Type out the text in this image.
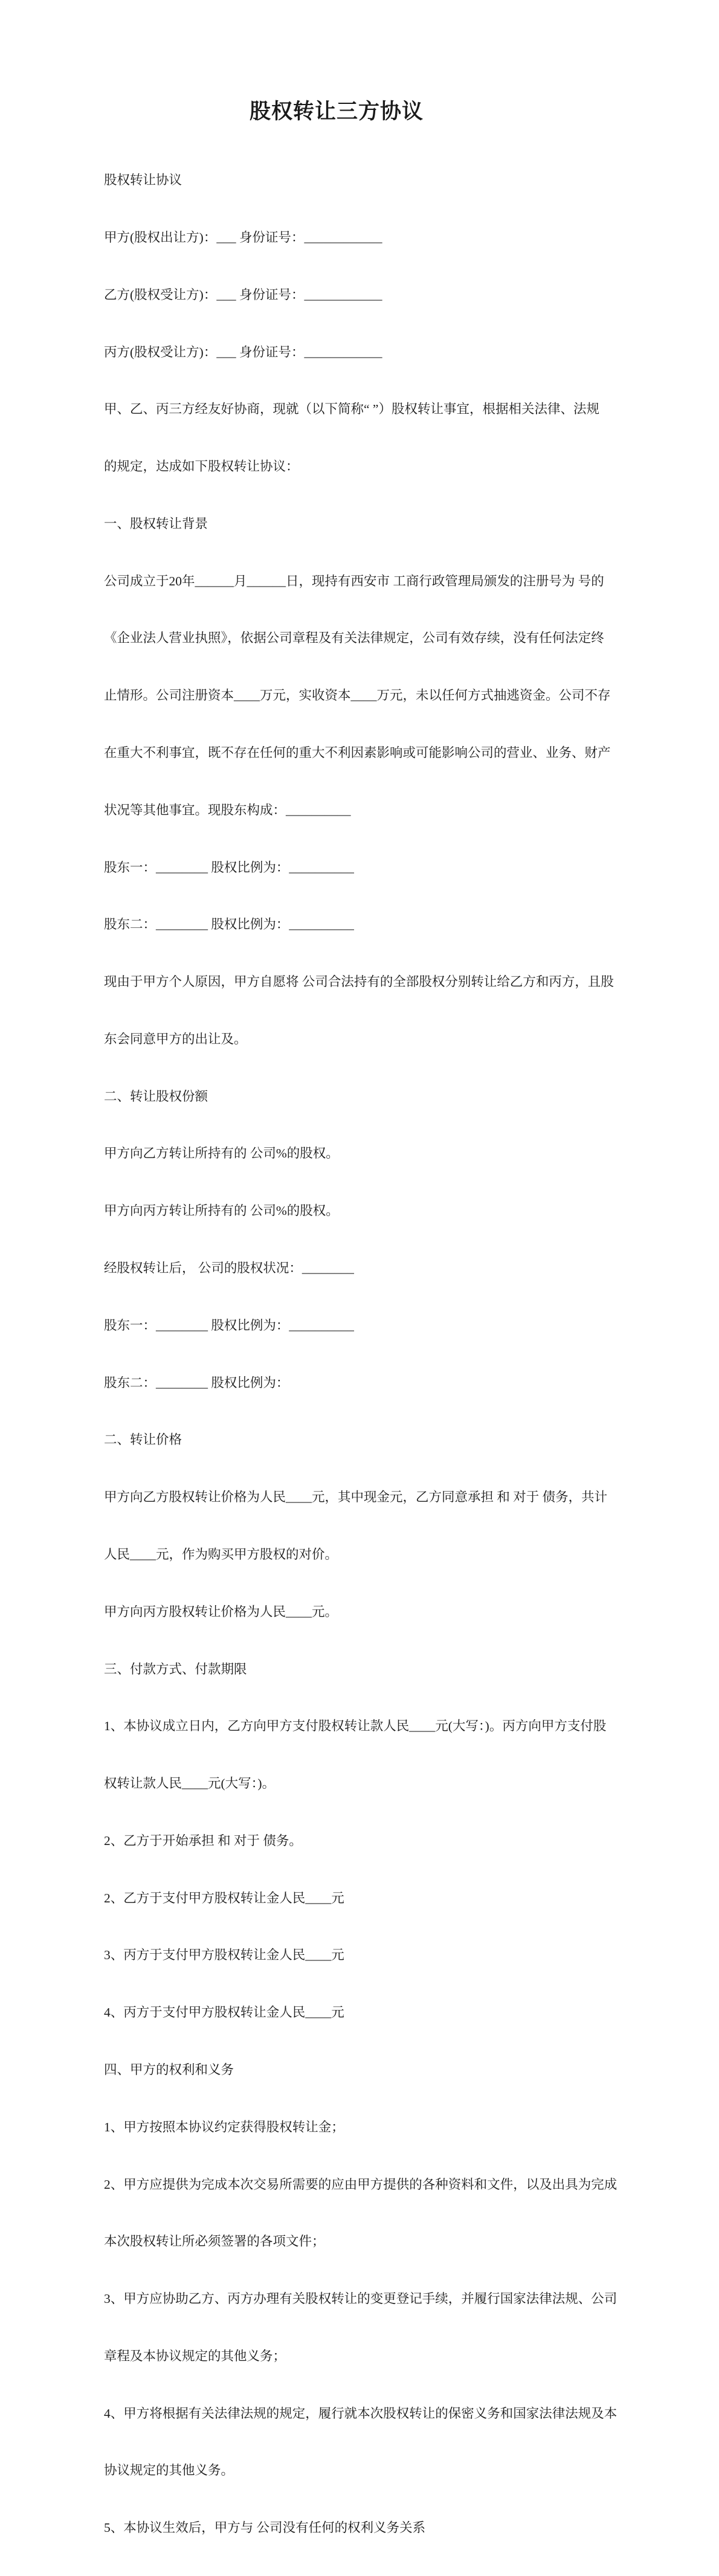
股权转让三方协议

股权转让协议

甲方(股权出让方)：___ 身份证号：____________

乙方(股权受让方)：___ 身份证号：____________

丙方(股权受让方)：___ 身份证号：____________

甲、乙、丙三方经友好协商，现就（以下简称“ ”）股权转让事宜，根据相关法律、法规

的规定，达成如下股权转让协议：

一、股权转让背景

公司成立于20年______月______日，现持有西安市 工商行政管理局颁发的注册号为 号的

《企业法人营业执照》，依据公司章程及有关法律规定，公司有效存续，没有任何法定终

止情形。公司注册资本____万元，实收资本____万元，未以任何方式抽逃资金。公司不存

在重大不利事宜，既不存在任何的重大不利因素影响或可能影响公司的营业、业务、财产

状况等其他事宜。现股东构成：__________

股东一：________ 股权比例为：__________

股东二：________ 股权比例为：__________

现由于甲方个人原因，甲方自愿将 公司合法持有的全部股权分别转让给乙方和丙方，且股

东会同意甲方的出让及。

二、转让股权份额

甲方向乙方转让所持有的 公司%的股权。

甲方向丙方转让所持有的 公司%的股权。

经股权转让后， 公司的股权状况：________

股东一：________ 股权比例为：__________

股东二：________ 股权比例为：

二、转让价格

甲方向乙方股权转让价格为人民____元，其中现金元，乙方同意承担 和 对于 债务，共计

人民____元，作为购买甲方股权的对价。

甲方向丙方股权转让价格为人民____元。

三、付款方式、付款期限

1、本协议成立日内，乙方向甲方支付股权转让款人民____元(大写：)。丙方向甲方支付股

权转让款人民____元(大写：)。

2、乙方于开始承担 和 对于 债务。

2、乙方于支付甲方股权转让金人民____元

3、丙方于支付甲方股权转让金人民____元

4、丙方于支付甲方股权转让金人民____元

四、甲方的权利和义务

1、甲方按照本协议约定获得股权转让金；

2、甲方应提供为完成本次交易所需要的应由甲方提供的各种资料和文件，以及出具为完成

本次股权转让所必须签署的各项文件；

3、甲方应协助乙方、丙方办理有关股权转让的变更登记手续，并履行国家法律法规、公司

章程及本协议规定的其他义务；

4、甲方将根据有关法律法规的规定，履行就本次股权转让的保密义务和国家法律法规及本

协议规定的其他义务。

5、本协议生效后，甲方与 公司没有任何的权利义务关系
